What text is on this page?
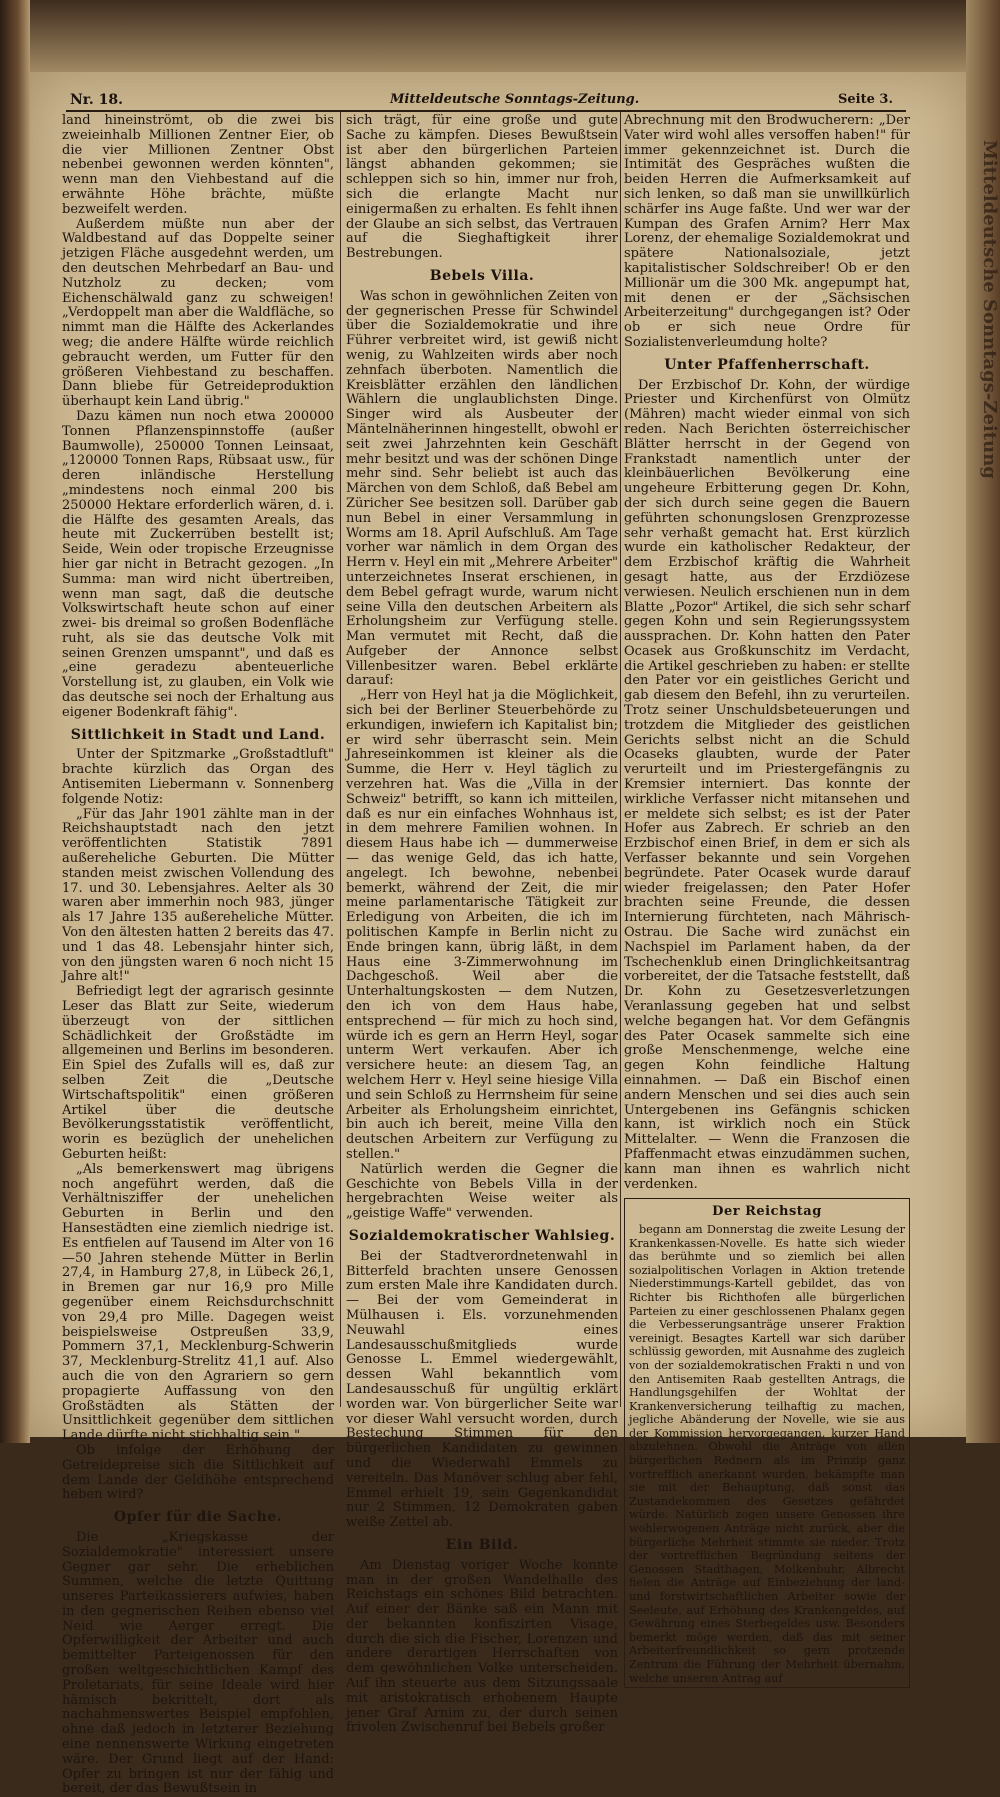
Mitteldeutsche Sonntags-Zeitung
Nr. 18.	Mitteldeutsche Sonntags-Zeitung.	Seite 3.

land hineinströmt, ob die zwei bis zweieinhalb Millionen Zentner Eier, ob die vier Millionen Zentner Obst nebenbei gewonnen werden könnten", wenn man den Viehbestand auf die erwähnte Höhe brächte, müßte bezweifelt werden.

Außerdem müßte nun aber der Waldbestand auf das Doppelte seiner jetzigen Fläche ausgedehnt werden, um den deutschen Mehrbedarf an Bau- und Nutzholz zu decken; vom Eichenschälwald ganz zu schweigen! „Verdoppelt man aber die Waldfläche, so nimmt man die Hälfte des Ackerlandes weg; die andere Hälfte würde reichlich gebraucht werden, um Futter für den größeren Viehbestand zu beschaffen. Dann bliebe für Getreideproduktion überhaupt kein Land übrig."

Dazu kämen nun noch etwa 200000 Tonnen Pflanzenspinnstoffe (außer Baumwolle), 250000 Tonnen Leinsaat, „120000 Tonnen Raps, Rübsaat usw., für deren inländische Herstellung „mindestens noch einmal 200 bis 250000 Hektare erforderlich wären, d. i. die Hälfte des gesamten Areals, das heute mit Zuckerrüben bestellt ist; Seide, Wein oder tropische Erzeugnisse hier gar nicht in Betracht gezogen. „In Summa: man wird nicht übertreiben, wenn man sagt, daß die deutsche Volkswirtschaft heute schon auf einer zwei- bis dreimal so großen Bodenfläche ruht, als sie das deutsche Volk mit seinen Grenzen umspannt", und daß es „eine geradezu abenteuerliche Vorstellung ist, zu glauben, ein Volk wie das deutsche sei noch der Erhaltung aus eigener Bodenkraft fähig".

Sittlichkeit in Stadt und Land.

Unter der Spitzmarke „Großstadtluft" brachte kürzlich das Organ des Antisemiten Liebermann v. Sonnenberg folgende Notiz:

„Für das Jahr 1901 zählte man in der Reichshauptstadt nach den jetzt veröffentlichten Statistik 7891 außereheliche Geburten. Die Mütter standen meist zwischen Vollendung des 17. und 30. Lebensjahres. Aelter als 30 waren aber immerhin noch 983, jünger als 17 Jahre 135 außereheliche Mütter. Von den ältesten hatten 2 bereits das 47. und 1 das 48. Lebensjahr hinter sich, von den jüngsten waren 6 noch nicht 15 Jahre alt!"

Befriedigt legt der agrarisch gesinnte Leser das Blatt zur Seite, wiederum überzeugt von der sittlichen Schädlichkeit der Großstädte im allgemeinen und Berlins im besonderen. Ein Spiel des Zufalls will es, daß zur selben Zeit die „Deutsche Wirtschaftspolitik" einen größeren Artikel über die deutsche Bevölkerungsstatistik veröffentlicht, worin es bezüglich der unehelichen Geburten heißt:

„Als bemerkenswert mag übrigens noch angeführt werden, daß die Verhältnisziffer der unehelichen Geburten in Berlin und den Hansestädten eine ziemlich niedrige ist. Es entfielen auf Tausend im Alter von 16—50 Jahren stehende Mütter in Berlin 27,4, in Hamburg 27,8, in Lübeck 26,1, in Bremen gar nur 16,9 pro Mille gegenüber einem Reichsdurchschnitt von 29,4 pro Mille. Dagegen weist beispielsweise Ostpreußen 33,9, Pommern 37,1, Mecklenburg-Schwerin 37, Mecklenburg-Strelitz 41,1 auf. Also auch die von den Agrariern so gern propagierte Auffassung von den Großstädten als Stätten der Unsittlichkeit gegenüber dem sittlichen Lande dürfte nicht stichhaltig sein."

Ob infolge der Erhöhung der Getreidepreise sich die Sittlichkeit auf dem Lande der Geldhöhe entsprechend heben wird?

Opfer für die Sache.

Die „Kriegskasse der Sozialdemokratie" interessiert unsere Gegner gar sehr. Die erheblichen Summen, welche die letzte Quittung unseres Parteikassierers aufwies, haben in den gegnerischen Reihen ebenso viel Neid wie Aerger erregt. Die Opferwilligkeit der Arbeiter und auch bemittelter Parteigenossen für den großen weltgeschichtlichen Kampf des Proletariats, für seine Ideale wird hier hämisch bekrittelt, dort als nachahmenswertes Beispiel empfohlen, ohne daß jedoch in letzterer Beziehung eine nennenswerte Wirkung eingetreten wäre. Der Grund liegt auf der Hand: Opfer zu bringen ist nur der fähig und bereit, der das Bewußtsein in

sich trägt, für eine große und gute Sache zu kämpfen. Dieses Bewußtsein ist aber den bürgerlichen Parteien längst abhanden gekommen; sie schleppen sich so hin, immer nur froh, sich die erlangte Macht nur einigermaßen zu erhalten. Es fehlt ihnen der Glaube an sich selbst, das Vertrauen auf die Sieghaftigkeit ihrer Bestrebungen.

Bebels Villa.

Was schon in gewöhnlichen Zeiten von der gegnerischen Presse für Schwindel über die Sozialdemokratie und ihre Führer verbreitet wird, ist gewiß nicht wenig, zu Wahlzeiten wirds aber noch zehnfach überboten. Namentlich die Kreisblätter erzählen den ländlichen Wählern die unglaublichsten Dinge. Singer wird als Ausbeuter der Mäntelnäherinnen hingestellt, obwohl er seit zwei Jahrzehnten kein Geschäft mehr besitzt und was der schönen Dinge mehr sind. Sehr beliebt ist auch das Märchen von dem Schloß, daß Bebel am Züricher See besitzen soll. Darüber gab nun Bebel in einer Versammlung in Worms am 18. April Aufschluß. Am Tage vorher war nämlich in dem Organ des Herrn v. Heyl ein mit „Mehrere Arbeiter" unterzeichnetes Inserat erschienen, in dem Bebel gefragt wurde, warum nicht seine Villa den deutschen Arbeitern als Erholungsheim zur Verfügung stelle. Man vermutet mit Recht, daß die Aufgeber der Annonce selbst Villenbesitzer waren. Bebel erklärte darauf:

„Herr von Heyl hat ja die Möglichkeit, sich bei der Berliner Steuerbehörde zu erkundigen, inwiefern ich Kapitalist bin; er wird sehr überrascht sein. Mein Jahreseinkommen ist kleiner als die Summe, die Herr v. Heyl täglich zu verzehren hat. Was die „Villa in der Schweiz" betrifft, so kann ich mitteilen, daß es nur ein einfaches Wohnhaus ist, in dem mehrere Familien wohnen. In diesem Haus habe ich — dummerweise — das wenige Geld, das ich hatte, angelegt. Ich bewohne, nebenbei bemerkt, während der Zeit, die mir meine parlamentarische Tätigkeit zur Erledigung von Arbeiten, die ich im politischen Kampfe in Berlin nicht zu Ende bringen kann, übrig läßt, in dem Haus eine 3-Zimmerwohnung im Dachgeschoß. Weil aber die Unterhaltungskosten — dem Nutzen, den ich von dem Haus habe, entsprechend — für mich zu hoch sind, würde ich es gern an Herrn Heyl, sogar unterm Wert verkaufen. Aber ich versichere heute: an diesem Tag, an welchem Herr v. Heyl seine hiesige Villa und sein Schloß zu Herrnsheim für seine Arbeiter als Erholungsheim einrichtet, bin auch ich bereit, meine Villa den deutschen Arbeitern zur Verfügung zu stellen."

Natürlich werden die Gegner die Geschichte von Bebels Villa in der hergebrachten Weise weiter als „geistige Waffe" verwenden.

Sozialdemokratischer Wahlsieg.

Bei der Stadtverordnetenwahl in Bitterfeld brachten unsere Genossen zum ersten Male ihre Kandidaten durch. — Bei der vom Gemeinderat in Mülhausen i. Els. vorzunehmenden Neuwahl eines Landesausschußmitglieds wurde Genosse L. Emmel wiedergewählt, dessen Wahl bekanntlich vom Landesausschuß für ungültig erklärt worden war. Von bürgerlicher Seite war vor dieser Wahl versucht worden, durch Bestechung Stimmen für den bürgerlichen Kandidaten zu gewinnen und die Wiederwahl Emmels zu vereiteln. Das Manöver schlug aber fehl, Emmel erhielt 19, sein Gegenkandidat nur 2 Stimmen, 12 Demokraten gaben weiße Zettel ab.

Ein Bild.

Am Dienstag voriger Woche konnte man in der großen Wandelhalle des Reichstags ein schönes Bild betrachten. Auf einer der Bänke saß ein Mann mit der bekannten konfiszirten Visage, durch die sich die Fischer, Lorenzen und andere derartigen Herrschaften von dem gewöhnlichen Volke unterscheiden. Auf ihn steuerte aus dem Sitzungssaale mit aristokratisch erhobenem Haupte jener Graf Arnim zu, der durch seinen frivolen Zwischenruf bei Bebels großer

Abrechnung mit den Brodwucherern: „Der Vater wird wohl alles versoffen haben!" für immer gekennzeichnet ist. Durch die Intimität des Gespräches wußten die beiden Herren die Aufmerksamkeit auf sich lenken, so daß man sie unwillkürlich schärfer ins Auge faßte. Und wer war der Kumpan des Grafen Arnim? Herr Max Lorenz, der ehemalige Sozialdemokrat und spätere Nationalsoziale, jetzt kapitalistischer Soldschreiber! Ob er den Millionär um die 300 Mk. angepumpt hat, mit denen er der „Sächsischen Arbeiterzeitung" durchgegangen ist? Oder ob er sich neue Ordre für Sozialistenverleumdung holte?

Unter Pfaffenherrschaft.

Der Erzbischof Dr. Kohn, der würdige Priester und Kirchenfürst von Olmütz (Mähren) macht wieder einmal von sich reden. Nach Berichten österreichischer Blätter herrscht in der Gegend von Frankstadt namentlich unter der kleinbäuerlichen Bevölkerung eine ungeheure Erbitterung gegen Dr. Kohn, der sich durch seine gegen die Bauern geführten schonungslosen Grenzprozesse sehr verhaßt gemacht hat. Erst kürzlich wurde ein katholischer Redakteur, der dem Erzbischof kräftig die Wahrheit gesagt hatte, aus der Erzdiözese verwiesen. Neulich erschienen nun in dem Blatte „Pozor" Artikel, die sich sehr scharf gegen Kohn und sein Regierungssystem aussprachen. Dr. Kohn hatten den Pater Ocasek aus Großkunschitz im Verdacht, die Artikel geschrieben zu haben: er stellte den Pater vor ein geistliches Gericht und gab diesem den Befehl, ihn zu verurteilen. Trotz seiner Unschuldsbeteuerungen und trotzdem die Mitglieder des geistlichen Gerichts selbst nicht an die Schuld Ocaseks glaubten, wurde der Pater verurteilt und im Priestergefängnis zu Kremsier interniert. Das konnte der wirkliche Verfasser nicht mitansehen und er meldete sich selbst; es ist der Pater Hofer aus Zabrech. Er schrieb an den Erzbischof einen Brief, in dem er sich als Verfasser bekannte und sein Vorgehen begründete. Pater Ocasek wurde darauf wieder freigelassen; den Pater Hofer brachten seine Freunde, die dessen Internierung fürchteten, nach Mährisch-Ostrau. Die Sache wird zunächst ein Nachspiel im Parlament haben, da der Tschechenklub einen Dringlichkeitsantrag vorbereitet, der die Tatsache feststellt, daß Dr. Kohn zu Gesetzesverletzungen Veranlassung gegeben hat und selbst welche begangen hat. Vor dem Gefängnis des Pater Ocasek sammelte sich eine große Menschenmenge, welche eine gegen Kohn feindliche Haltung einnahmen. — Daß ein Bischof einen andern Menschen und sei dies auch sein Untergebenen ins Gefängnis schicken kann, ist wirklich noch ein Stück Mittelalter. — Wenn die Franzosen die Pfaffenmacht etwas einzudämmen suchen, kann man ihnen es wahrlich nicht verdenken.

Der Reichstag

begann am Donnerstag die zweite Lesung der Krankenkassen-Novelle. Es hatte sich wieder das berühmte und so ziemlich bei allen sozialpolitischen Vorlagen in Aktion tretende Niederstimmungs-Kartell gebildet, das von Richter bis Richthofen alle bürgerlichen Parteien zu einer geschlossenen Phalanx gegen die Verbesserungsanträge unserer Fraktion vereinigt. Besagtes Kartell war sich darüber schlüssig geworden, mit Ausnahme des zugleich von der sozialdemokratischen Frakti n und von den Antisemiten Raab gestellten Antrags, die Handlungsgehilfen der Wohltat der Krankenversicherung teilhaftig zu machen, jegliche Abänderung der Novelle, wie sie aus der Kommission hervorgegangen, kurzer Hand abzulehnen. Obwohl die Anträge von allen bürgerlichen Rednern als im Prinzip ganz vortrefflich anerkannt wurden, bekämpfte man sie mit der Behauptung, daß sonst das Zustandekommen des Gesetzes gefährdet würde. Natürlich zogen unsere Genossen ihre wohlerwogenen Anträge nicht zurück, aber die bürgerliche Mehrheit stimmte sie nieder. Trotz der vortrefflichen Begründung seitens der Genossen Stadthagen, Molkenbuhr, Albrecht fielen die Anträge auf Einbeziehung der land- und forstwirtschaftlichen Arbeiter sowie der Seeleute, auf Erhöhung des Krankengeldes, auf Gewährung eines Sterbegeldes usw. Besonders bemerkt möge werden, daß das mit seiner Arbeiterfreundlichkeit so gern protzende Zentrum die Führung der Mehrheit übernahm, welche unseren Antrag auf
